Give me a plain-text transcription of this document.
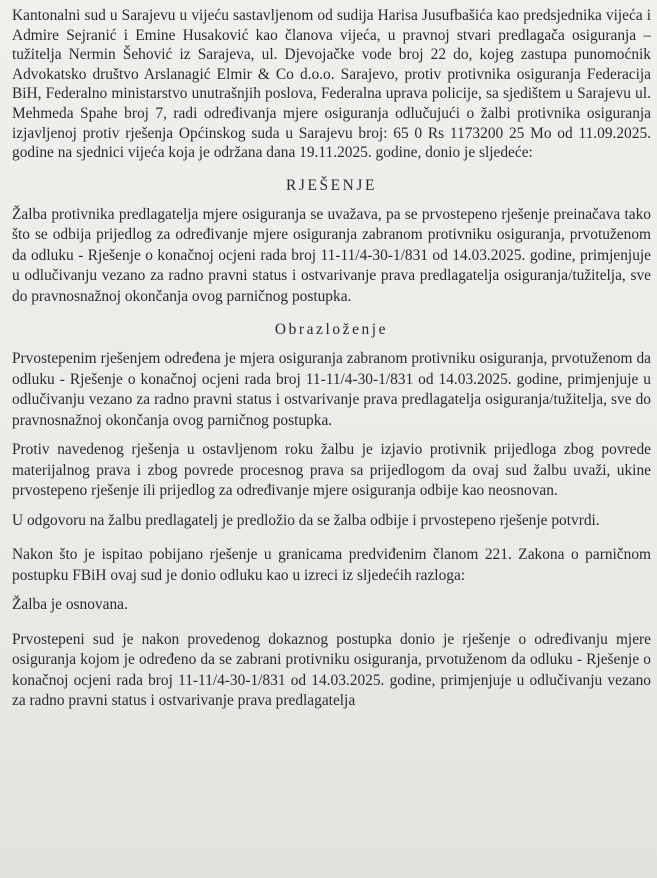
Kantonalni sud u Sarajevu u vijeću sastavljenom od sudija Harisa Jusufbašića kao predsjednika vijeća i Admire Sejranić i Emine Husaković kao članova vijeća, u pravnoj stvari predlagača osiguranja – tužitelja Nermin Šehović iz Sarajeva, ul. Djevojačke vode broj 22 do, kojeg zastupa punomoćnik Advokatsko društvo Arslanagić Elmir & Co d.o.o. Sarajevo, protiv protivnika osiguranja Federacija BiH, Federalno ministarstvo unutrašnjih poslova, Federalna uprava policije, sa sjedištem u Sarajevu ul. Mehmeda Spahe broj 7, radi određivanja mjere osiguranja odlučujući o žalbi protivnika osiguranja izjavljenoj protiv rješenja Općinskog suda u Sarajevu broj: 65 0 Rs 1173200 25 Mo od 11.09.2025. godine na sjednici vijeća koja je održana dana 19.11.2025. godine, donio je sljedeće:

RJEŠENJE

Žalba protivnika predlagatelja mjere osiguranja se uvažava, pa se prvostepeno rješenje preinačava tako što se odbija prijedlog za određivanje mjere osiguranja zabranom protivniku osiguranja, prvotuženom da odluku - Rješenje o konačnoj ocjeni rada broj 11-11/4-30-1/831 od 14.03.2025. godine, primjenjuje u odlučivanju vezano za radno pravni status i ostvarivanje prava predlagatelja osiguranja/tužitelja, sve do pravnosnažnoj okončanja ovog parničnog postupka.

Obrazloženje

Prvostepenim rješenjem određena je mjera osiguranja zabranom protivniku osiguranja, prvotuženom da odluku - Rješenje o konačnoj ocjeni rada broj 11-11/4-30-1/831 od 14.03.2025. godine, primjenjuje u odlučivanju vezano za radno pravni status i ostvarivanje prava predlagatelja osiguranja/tužitelja, sve do pravnosnažnoj okončanja ovog parničnog postupka.

Protiv navedenog rješenja u ostavljenom roku žalbu je izjavio protivnik prijedloga zbog povrede materijalnog prava i zbog povrede procesnog prava sa prijedlogom da ovaj sud žalbu uvaži, ukine prvostepeno rješenje ili prijedlog za određivanje mjere osiguranja odbije kao neosnovan.

U odgovoru na žalbu predlagatelj je predložio da se žalba odbije i prvostepeno rješenje potvrdi.

Nakon što je ispitao pobijano rješenje u granicama predviđenim članom 221. Zakona o parničnom postupku FBiH ovaj sud je donio odluku kao u izreci iz sljedećih razloga:

Žalba je osnovana.

Prvostepeni sud je nakon provedenog dokaznog postupka donio je rješenje o određivanju mjere osiguranja kojom je određeno da se zabrani protivniku osiguranja, prvotuženom da odluku - Rješenje o konačnoj ocjeni rada broj 11-11/4-30-1/831 od 14.03.2025. godine, primjenjuje u odlučivanju vezano za radno pravni status i ostvarivanje prava predlagatelja
